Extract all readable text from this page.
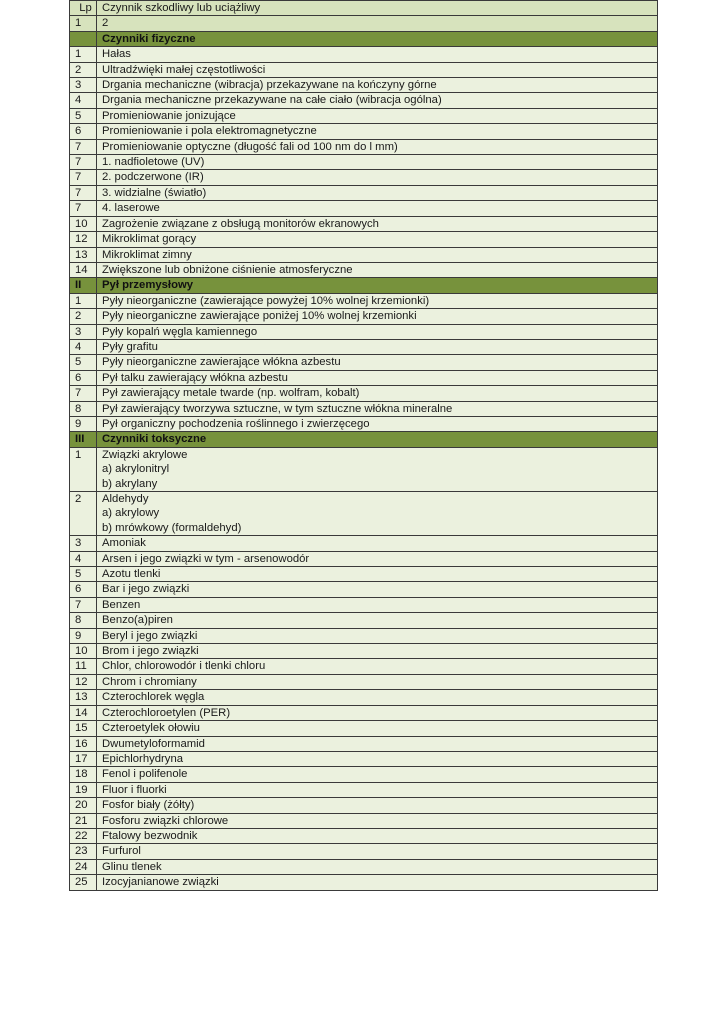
Lp	Czynnik szkodliwy lub uciążliwy
1	2
	Czynniki fizyczne
1	Hałas
2	Ultradźwięki małej częstotliwości
3	Drgania mechaniczne (wibracja) przekazywane na kończyny górne
4	Drgania mechaniczne przekazywane na całe ciało (wibracja ogólna)
5	Promieniowanie jonizujące
6	Promieniowanie i pola elektromagnetyczne
7	Promieniowanie optyczne (długość fali od 100 nm do l mm)
7	1. nadfioletowe (UV)
7	2. podczerwone (IR)
7	3. widzialne (światło)
7	4. laserowe
10	Zagrożenie związane z obsługą monitorów ekranowych
12	Mikroklimat gorący
13	Mikroklimat zimny
14	Zwiększone lub obniżone ciśnienie atmosferyczne
II	Pył przemysłowy
1	Pyły nieorganiczne (zawierające powyżej 10% wolnej krzemionki)
2	Pyły nieorganiczne zawierające poniżej 10% wolnej krzemionki
3	Pyły kopalń węgla kamiennego
4	Pyły grafitu
5	Pyły nieorganiczne zawierające włókna azbestu
6	Pył talku zawierający włókna azbestu
7	Pył zawierający metale twarde (np. wolfram, kobalt)
8	Pył zawierający tworzywa sztuczne, w tym sztuczne włókna mineralne
9	Pył organiczny pochodzenia roślinnego i zwierzęcego
III	Czynniki toksyczne
1	Związki akrylowe
a) akrylonitryl
b) akrylany

2	Aldehydy
a) akrylowy
b) mrówkowy (formaldehyd)

3	Amoniak
4	Arsen i jego związki w tym - arsenowodór
5	Azotu tlenki
6	Bar i jego związki
7	Benzen
8	Benzo(a)piren
9	Beryl i jego związki
10	Brom i jego związki
11	Chlor, chlorowodór i tlenki chloru
12	Chrom i chromiany
13	Czterochlorek węgla
14	Czterochloroetylen (PER)
15	Czteroetylek ołowiu
16	Dwumetyloformamid
17	Epichlorhydryna
18	Fenol i polifenole
19	Fluor i fluorki
20	Fosfor biały (żółty)
21	Fosforu związki chlorowe
22	Ftalowy bezwodnik
23	Furfurol
24	Glinu tlenek
25	Izocyjanianowe związki
